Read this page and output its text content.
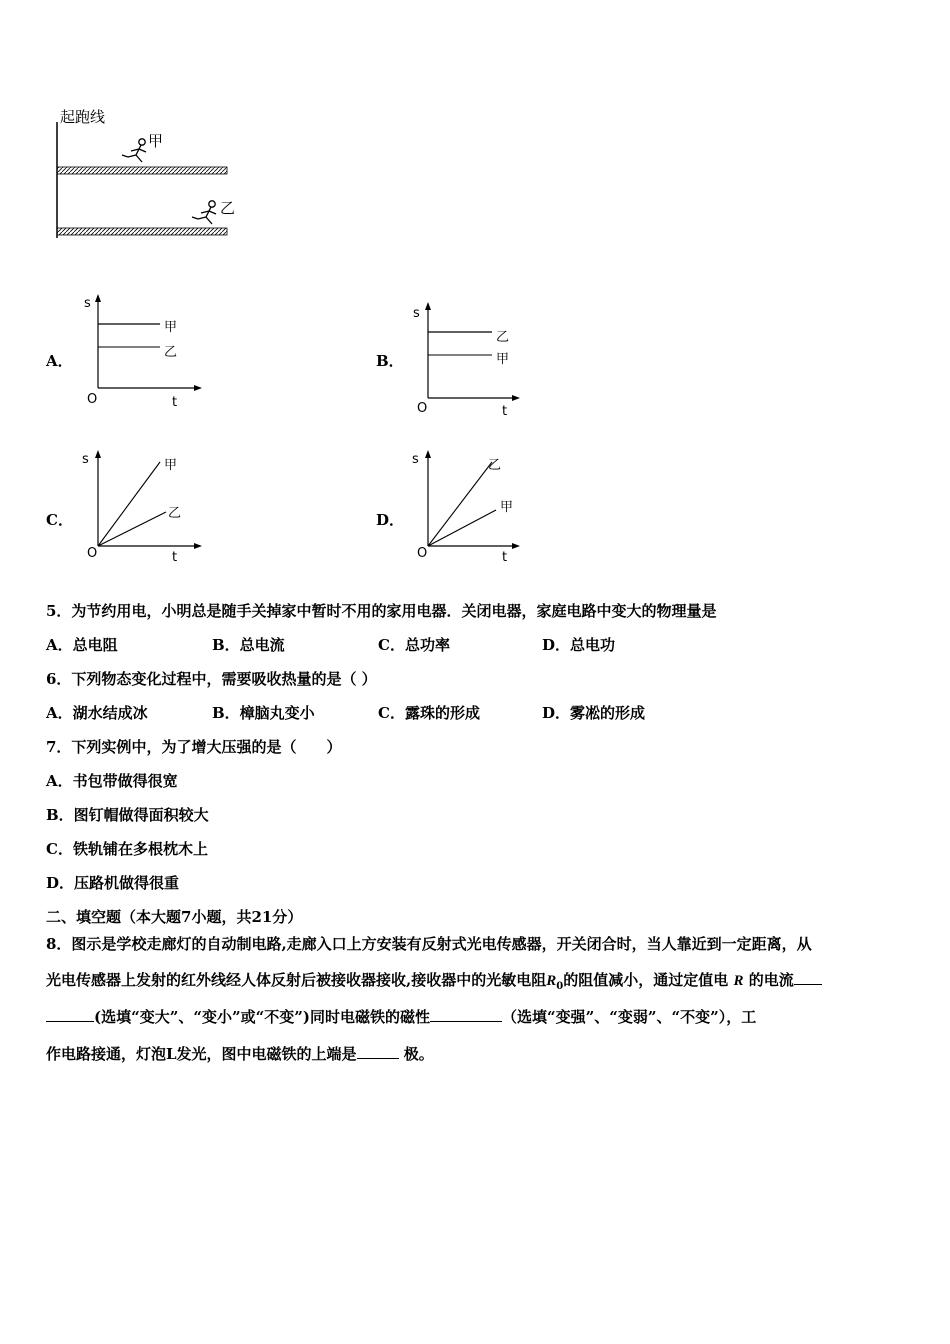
起跑线
甲
乙
A．
s
t
O
甲
乙	B．
s
t
O
乙
甲
C．
s
t
O
甲
乙	D．
s
t
O
乙
甲
5．为节约用电，小明总是随手关掉家中暂时不用的家用电器．关闭电器，家庭电路中变大的物理量是
A．总电阻	B．总电流	C．总功率	D．总电功
6．下列物态变化过程中，需要吸收热量的是（ ）
A．湖水结成冰	B．樟脑丸变小	C．露珠的形成	D．雾凇的形成
7．下列实例中，为了增大压强的是（　　）
A．书包带做得很宽
B．图钉帽做得面积较大
C．铁轨铺在多根枕木上
D．压路机做得很重
二、填空题（本大题7小题，共21分）
8．图示是学校走廊灯的自动制电路,走廊入口上方安装有反射式光电传感器，开关闭合时，当人靠近到一定距离，从
光电传感器上发射的红外线经人体反射后被接收器接收,接收器中的光敏电阻$R_0$的阻值减小，通过定值电 R 的电流
(选填“变大”、“变小”或“不变”)同时电磁铁的磁性	（选填“变强”、“变弱”、“不变”），工
作电路接通，灯泡L发光，图中电磁铁的上端是	极。
